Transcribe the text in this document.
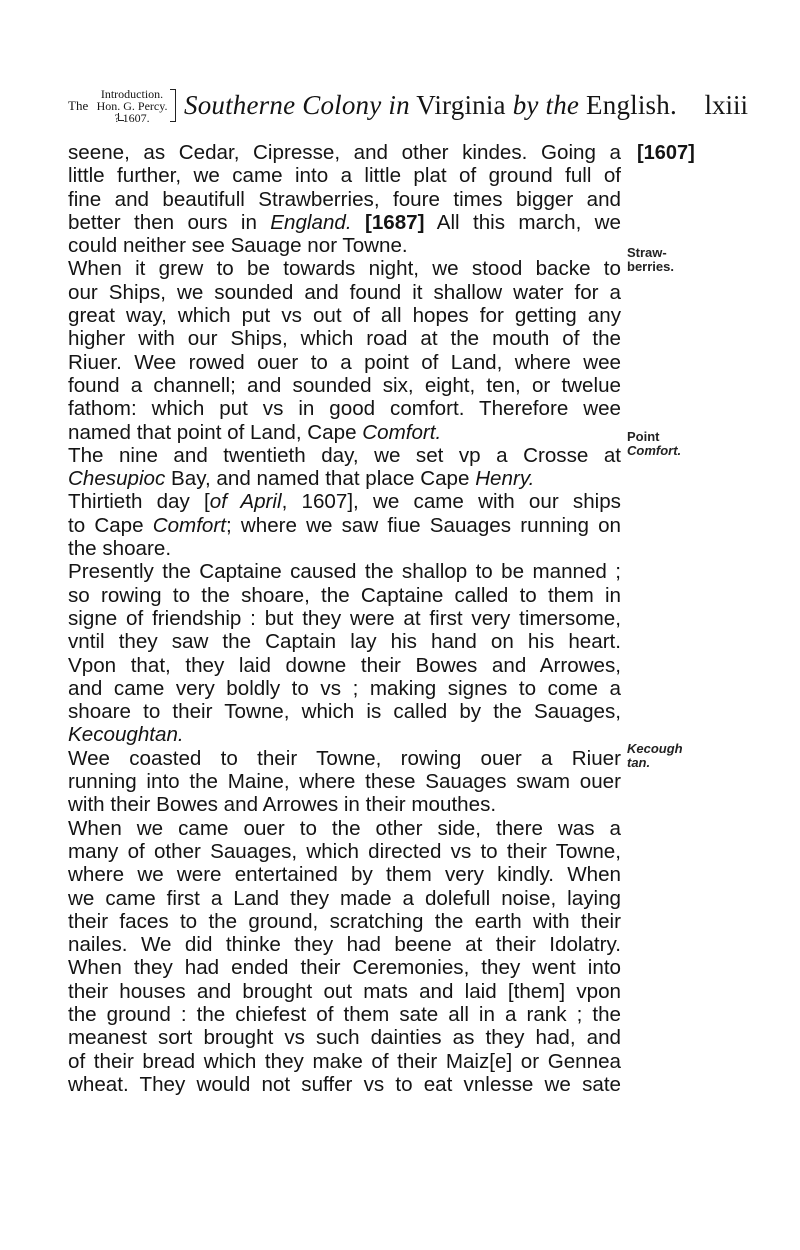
The
Introduction.
Hon. G. Percy.
? 1607.	Southerne Colony in Virginia by the English. lxiii
seene, as Cedar, Cipresse, and other kindes. Going a
little further, we came into a little plat of ground full of
fine and beautifull Strawberries, foure times bigger and
better then ours in England. [1687] All this march, we
could neither see Sauage nor Towne.
When it grew to be towards night, we stood backe to
our Ships, we sounded and found it shallow water for a
great way, which put vs out of all hopes for getting any
higher with our Ships, which road at the mouth of the
Riuer. Wee rowed ouer to a point of Land, where wee
found a channell; and sounded six, eight, ten, or twelue
fathom: which put vs in good comfort. Therefore wee
named that point of Land, Cape Comfort.
The nine and twentieth day, we set vp a Crosse at
Chesupioc Bay, and named that place Cape Henry.
Thirtieth day [of April, 1607], we came with our ships
to Cape Comfort; where we saw fiue Sauages running on
the shoare.
Presently the Captaine caused the shallop to be manned ;
so rowing to the shoare, the Captaine called to them in
signe of friendship : but they were at first very timersome,
vntil they saw the Captain lay his hand on his heart.
Vpon that, they laid downe their Bowes and Arrowes,
and came very boldly to vs ; making signes to come a
shoare to their Towne, which is called by the Sauages,
Kecoughtan.
Wee coasted to their Towne, rowing ouer a Riuer
running into the Maine, where these Sauages swam ouer
with their Bowes and Arrowes in their mouthes.
When we came ouer to the other side, there was a
many of other Sauages, which directed vs to their Towne,
where we were entertained by them very kindly. When
we came first a Land they made a dolefull noise, laying
their faces to the ground, scratching the earth with their
nailes. We did thinke they had beene at their Idolatry.
When they had ended their Ceremonies, they went into
their houses and brought out mats and laid [them] vpon
the ground : the chiefest of them sate all in a rank ; the
meanest sort brought vs such dainties as they had, and
of their bread which they make of their Maiz[e] or Gennea
wheat. They would not suffer vs to eat vnlesse we sate
[1607]
Straw-
berries.
Point
Comfort.
Kecough
tan.
